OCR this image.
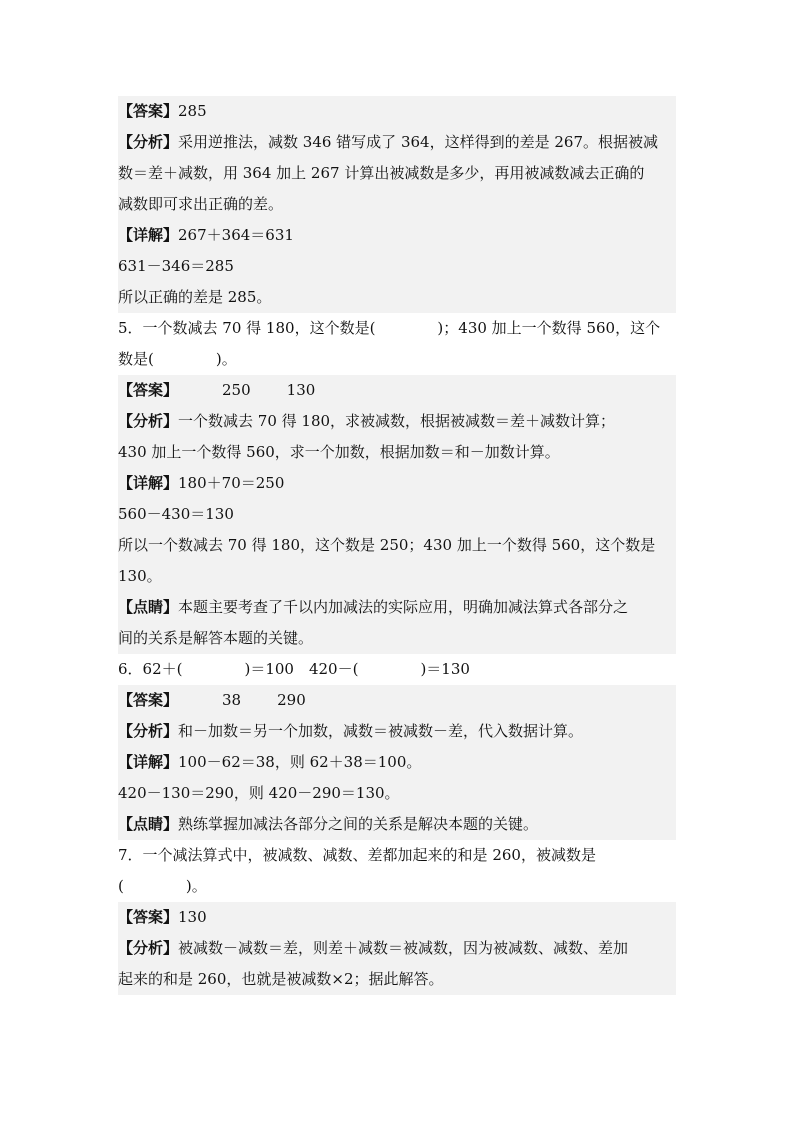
【答案】285
【分析】采用逆推法，减数 346 错写成了 364，这样得到的差是 267。根据被减
数＝差＋减数，用 364 加上 267 计算出被减数是多少，再用被减数减去正确的
减数即可求出正确的差。
【详解】267＋364＝631
631－346＝285
所以正确的差是 285。
5．一个数减去 70 得 180，这个数是(	)；430 加上一个数得 560，这个
数是(	)。
【答案】	250 130
【分析】一个数减去 70 得 180，求被减数，根据被减数＝差＋减数计算；
430 加上一个数得 560，求一个加数，根据加数＝和－加数计算。
【详解】180＋70＝250
560－430＝130
所以一个数减去 70 得 180，这个数是 250；430 加上一个数得 560，这个数是
130。
【点睛】本题主要考查了千以内加减法的实际应用，明确加减法算式各部分之
间的关系是解答本题的关键。
6．62＋(	)＝100　420－(	)＝130
【答案】	38 290
【分析】和－加数＝另一个加数，减数＝被减数－差，代入数据计算。
【详解】100－62＝38，则 62＋38＝100。
420－130＝290，则 420－290＝130。
【点睛】熟练掌握加减法各部分之间的关系是解决本题的关键。
7．一个减法算式中，被减数、减数、差都加起来的和是 260，被减数是
(	)。
【答案】130
【分析】被减数－减数＝差，则差＋减数＝被减数，因为被减数、减数、差加
起来的和是 260，也就是被减数×2；据此解答。
